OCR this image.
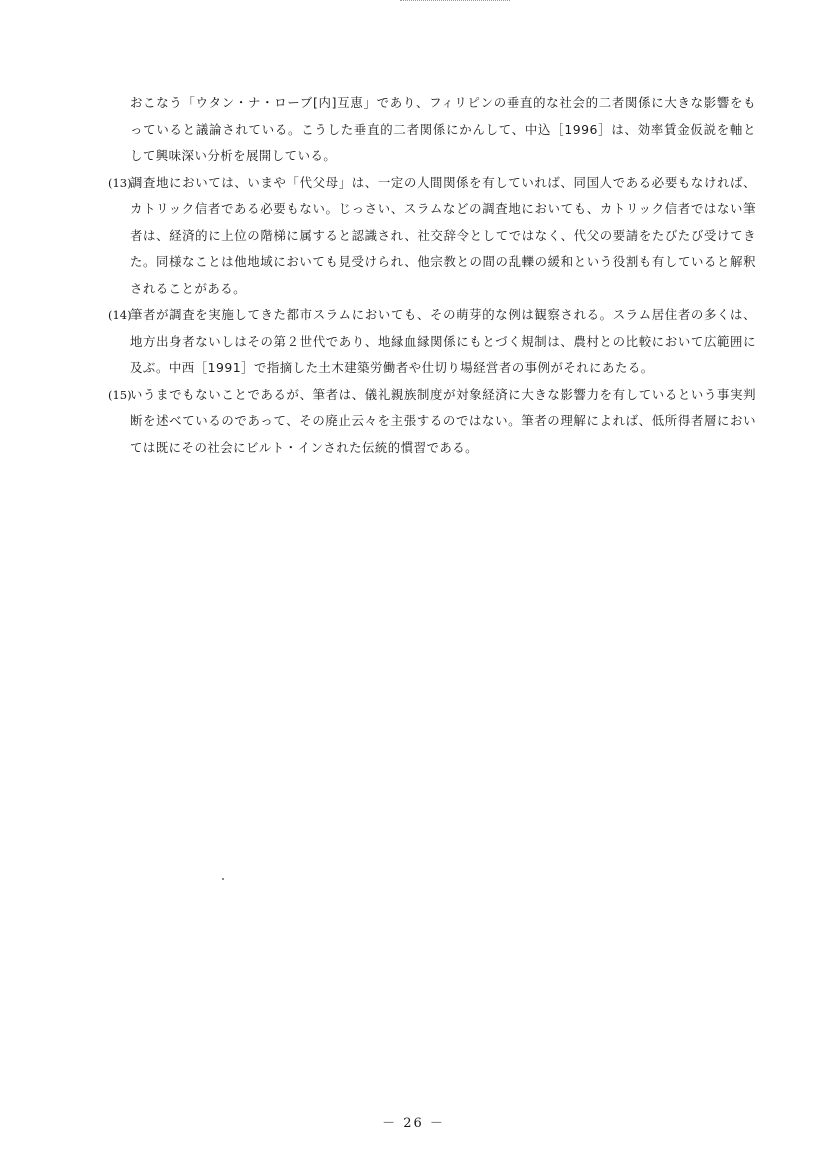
おこなう「ウタン・ナ・ローブ[内]互恵」であり、フィリピンの垂直的な社会的二者関係に大きな影響をもっていると議論されている。こうした垂直的二者関係にかんして、中込［1996］は、効率賃金仮説を軸として興味深い分析を展開している。

(13)
調査地においては、いまや「代父母」は、一定の人間関係を有していれば、同国人である必要もなければ、カトリック信者である必要もない。じっさい、スラムなどの調査地においても、カトリック信者ではない筆者は、経済的に上位の階梯に属すると認識され、社交辞令としてではなく、代父の要請をたびたび受けてきた。同様なことは他地域においても見受けられ、他宗教との間の乱轢の緩和という役割も有していると解釈されることがある。
(14)
筆者が調査を実施してきた都市スラムにおいても、その萌芽的な例は観察される。スラム居住者の多くは、地方出身者ないしはその第２世代であり、地縁血縁関係にもとづく規制は、農村との比較において広範囲に及ぶ。中西［1991］で指摘した土木建築労働者や仕切り場経営者の事例がそれにあたる。
(15)
いうまでもないことであるが、筆者は、儀礼親族制度が対象経済に大きな影響力を有しているという事実判断を述べているのであって、その廃止云々を主張するのではない。筆者の理解によれば、低所得者層においては既にその社会にビルト・インされた伝統的慣習である。
－ 26 －
